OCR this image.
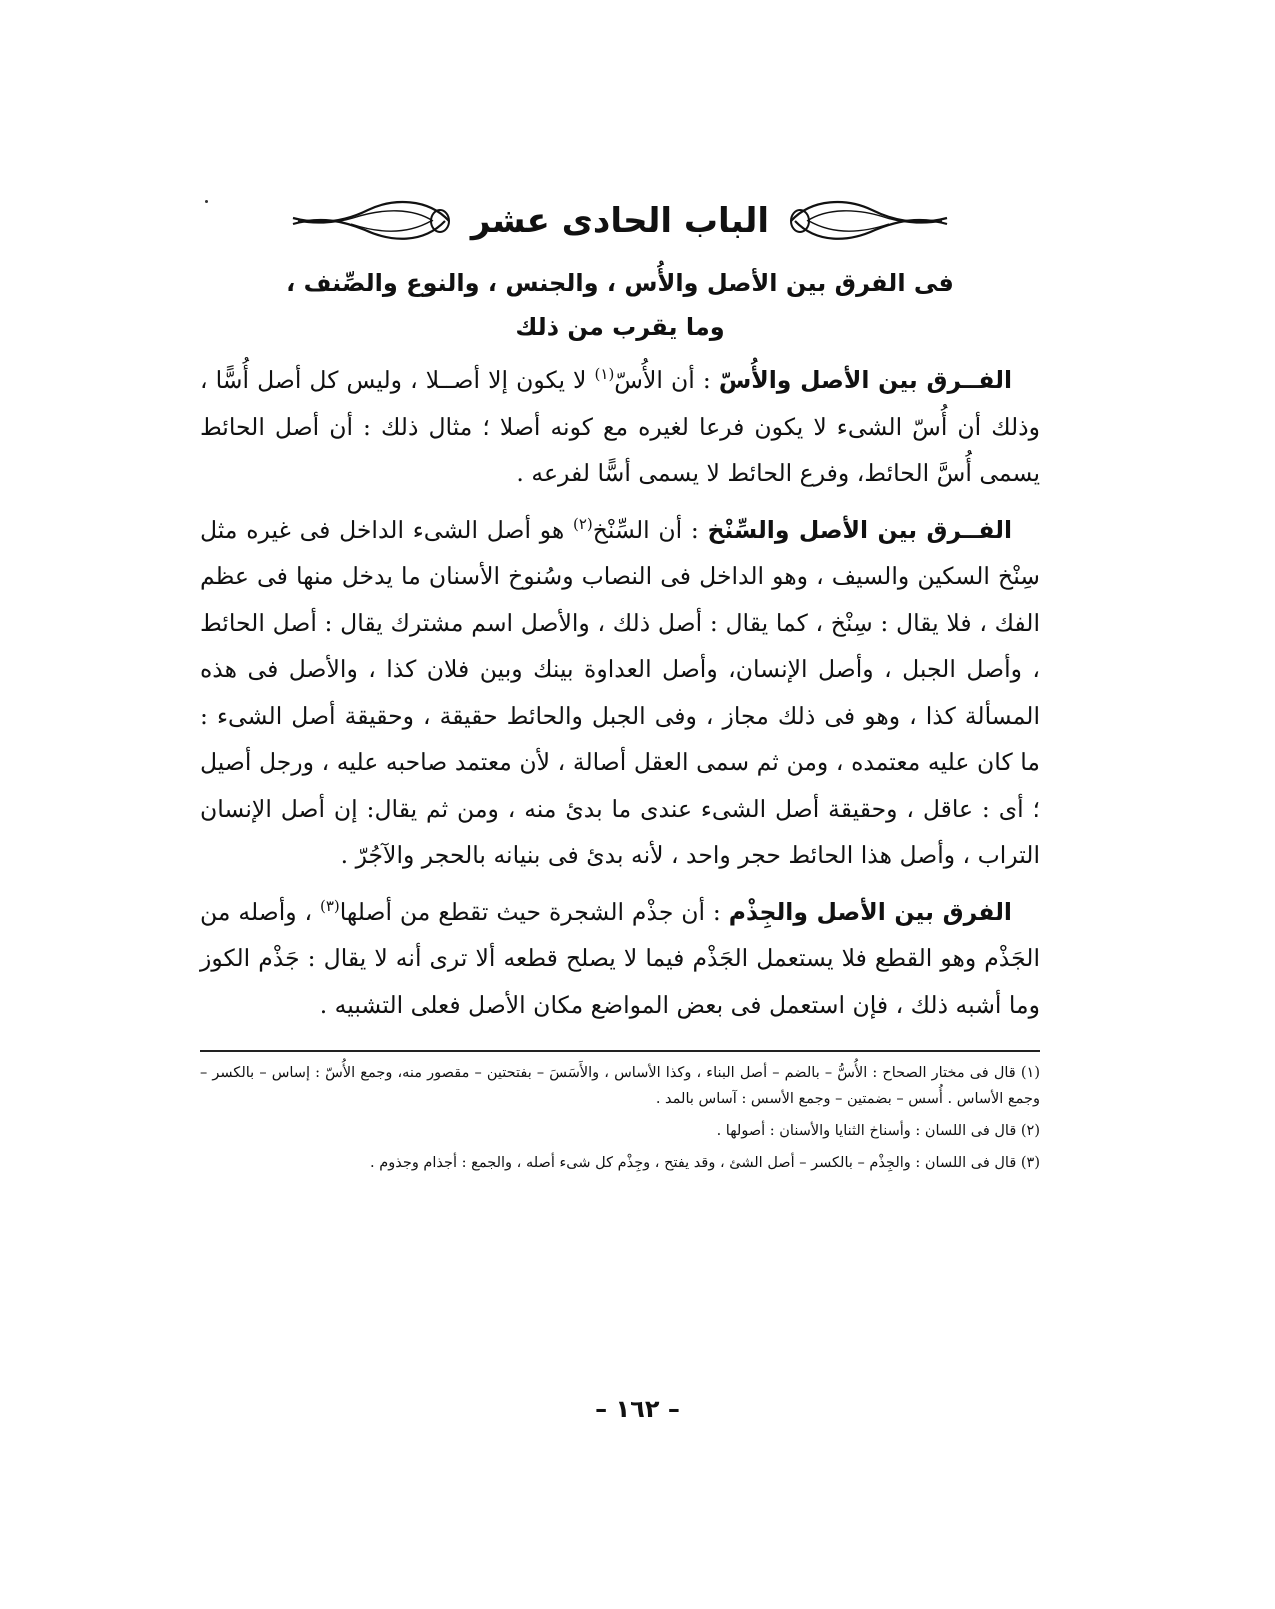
الباب الحادى عشر
فى الفرق بين الأصل والأُس ، والجنس ، والنوع والصِّنف ،
وما يقرب من ذلك

الفــرق بين الأصل والأُسّ : أن الأُسّ$^{(١)}$ لا يكون إلا أصــلا ، وليس كل أصل أُسًّا ، وذلك أن أُسّ الشىء لا يكون فرعا لغيره مع كونه أصلا ؛ مثال ذلك : أن أصل الحائط يسمى أُسَّ الحائط، وفرع الحائط لا يسمى أسًّا لفرعه .

الفــرق بين الأصل والسِّنْخ : أن السِّنْخ$^{(٢)}$ هو أصل الشىء الداخل فى غيره مثل سِنْخ السكين والسيف ، وهو الداخل فى النصاب وسُنوخ الأسنان ما يدخل منها فى عظم الفك ، فلا يقال : سِنْخ ، كما يقال : أصل ذلك ، والأصل اسم مشترك يقال : أصل الحائط ، وأصل الجبل ، وأصل الإنسان، وأصل العداوة بينك وبين فلان كذا ، والأصل فى هذه المسألة كذا ، وهو فى ذلك مجاز ، وفى الجبل والحائط حقيقة ، وحقيقة أصل الشىء : ما كان عليه معتمده ، ومن ثم سمى العقل أصالة ، لأن معتمد صاحبه عليه ، ورجل أصيل ؛ أى : عاقل ، وحقيقة أصل الشىء عندى ما بدئ منه ، ومن ثم يقال: إن أصل الإنسان التراب ، وأصل هذا الحائط حجر واحد ، لأنه بدئ فى بنيانه بالحجر والآجُرّ .

الفرق بين الأصل والجِذْم : أن جذْم الشجرة حيث تقطع من أصلها$^{(٣)}$ ، وأصله من الجَذْم وهو القطع فلا يستعمل الجَذْم فيما لا يصلح قطعه ألا ترى أنه لا يقال : جَذْم الكوز وما أشبه ذلك ، فإن استعمل فى بعض المواضع مكان الأصل فعلى التشبيه .

(١) قال فى مختار الصحاح : الأُسُّ – بالضم – أصل البناء ، وكذا الأساس ، والأَسَسَ – بفتحتين – مقصور منه، وجمع الأُسّ : إساس – بالكسر – وجمع الأساس . أُسس – بضمتين – وجمع الأسس : آساس بالمد .

(٢) قال فى اللسان : وأسناخ الثنايا والأسنان : أصولها .

(٣) قال فى اللسان : والجِذْم – بالكسر – أصل الشئ ، وقد يفتح ، وجِذْم كل شىء أصله ، والجمع : أجذام وجذوم .

– ١٦٢ –
